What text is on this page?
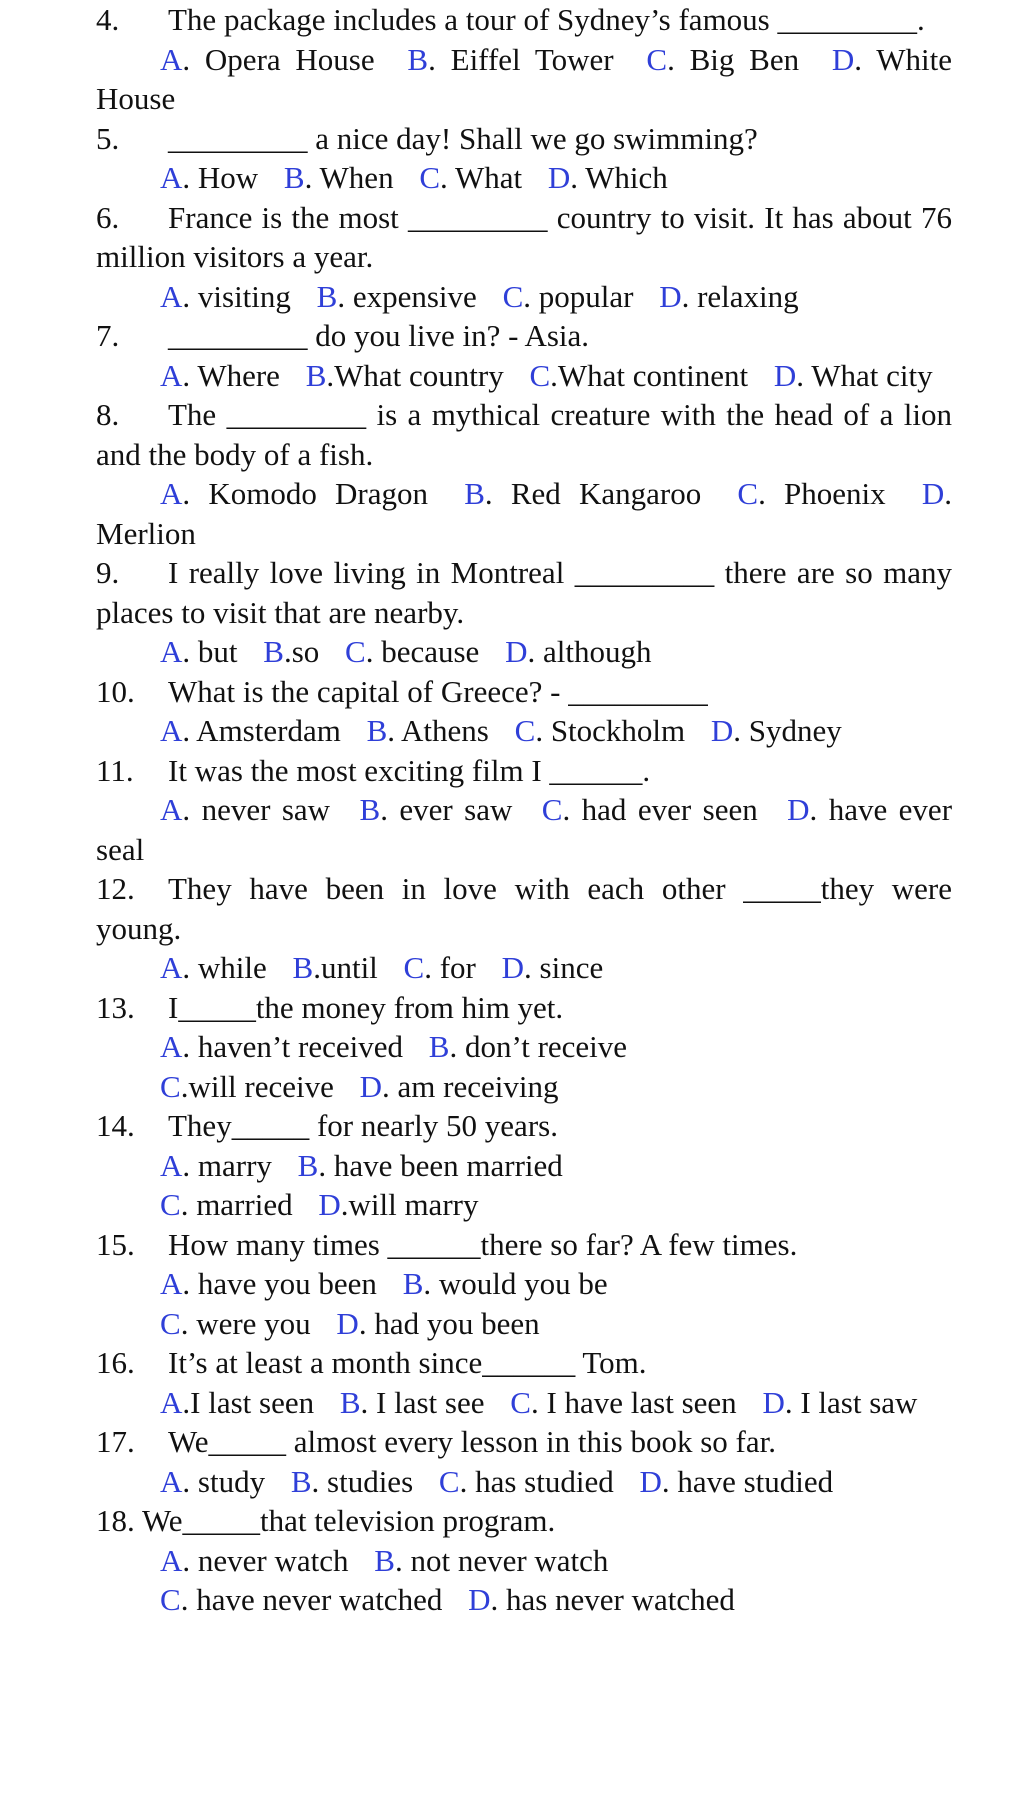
4. The package includes a tour of Sydney’s famous _________.

A. Opera House B. Eiffel Tower C. Big Ben D. White House

5. _________ a nice day! Shall we go swimming?

A. How B. When C. What D. Which

6. France is the most _________ country to visit. It has about 76 million visitors a year.

A. visiting B. expensive C. popular D. relaxing

7. _________ do you live in? - Asia.

A. Where B.What country C.What continent D. What city

8. The _________ is a mythical creature with the head of a lion and the body of a fish.

A. Komodo Dragon B. Red Kangaroo C. Phoenix D. Merlion

9. I really love living in Montreal _________ there are so many places to visit that are nearby.

A. but B.so C. because D. although

10. What is the capital of Greece? - _________

A. Amsterdam B. Athens C. Stockholm D. Sydney

11. It was the most exciting film I ______.

A. never saw B. ever saw C. had ever seen D. have ever seal

12. They have been in love with each other _____they were young.

A. while B.until C. for D. since

13. I_____the money from him yet.

A. haven’t received B. don’t receive

C.will receive D. am receiving

14. They_____ for nearly 50 years.

A. marry B. have been married

C. married D.will marry

15. How many times ______there so far? A few times.

A. have you been B. would you be

C. were you D. had you been

16. It’s at least a month since______ Tom.

A.I last seen B. I last see C. I have last seen D. I last saw

17. We_____ almost every lesson in this book so far.

A. study B. studies C. has studied D. have studied

18. We_____that television program.

A. never watch B. not never watch

C. have never watched D. has never watched
